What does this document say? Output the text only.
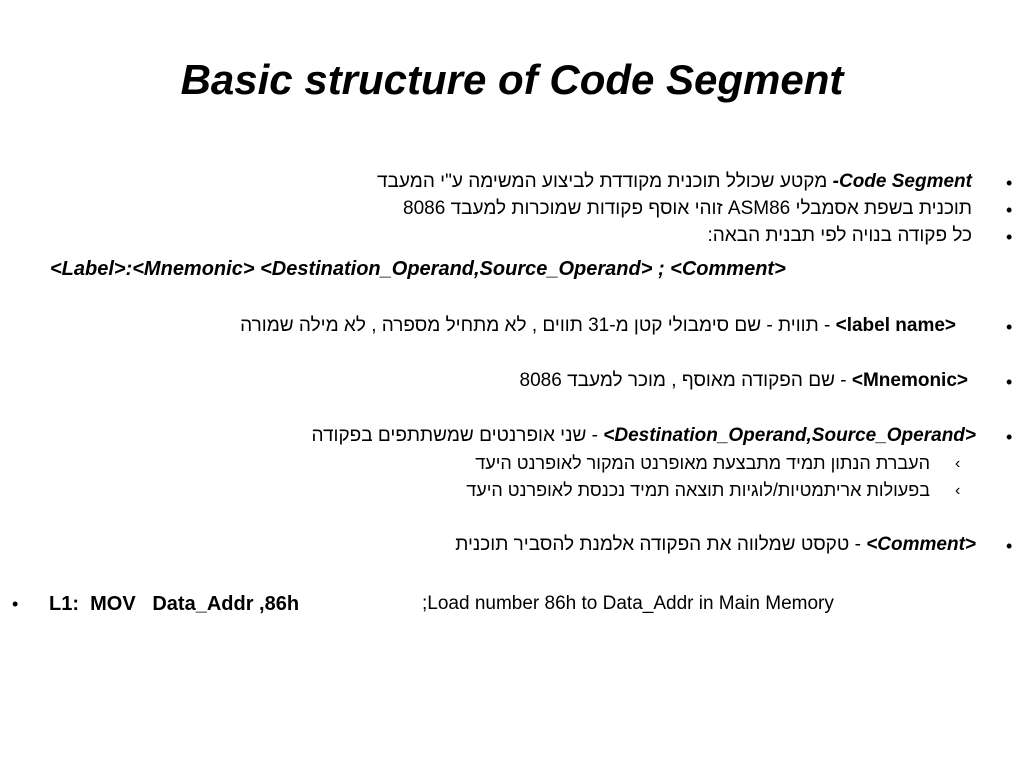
Basic structure of Code Segment
•
Code Segment- מקטע שכולל תוכנית מקודדת לביצוע המשימה ע"י המעבד
•
תוכנית בשפת אסמבלי ASM86 זוהי אוסף פקודות שמוכרות למעבד 8086
•
כל פקודה בנויה לפי תבנית הבאה:
<Label>:<Mnemonic> <Destination_Operand,Source_Operand> ; <Comment>
•
<label name> - תווית - שם סימבולי קטן מ-31 תווים , לא מתחיל מספרה , לא מילה שמורה
•
<Mnemonic> - שם הפקודה מאוסף , מוכר למעבד 8086
•
<Destination_Operand,Source_Operand> - שני אופרנטים שמשתתפים בפקודה
‹
העברת הנתון תמיד מתבצעת מאופרנט המקור לאופרנט היעד
‹
בפעולות אריתמטיות/לוגיות תוצאה תמיד נכנסת לאופרנט היעד
•
<Comment> - טקסט שמלווה את הפקודה אלמנת להסביר תוכנית
• L1:  MOV   Data_Addr ,86h	;Load number 86h to Data_Addr in Main Memory
